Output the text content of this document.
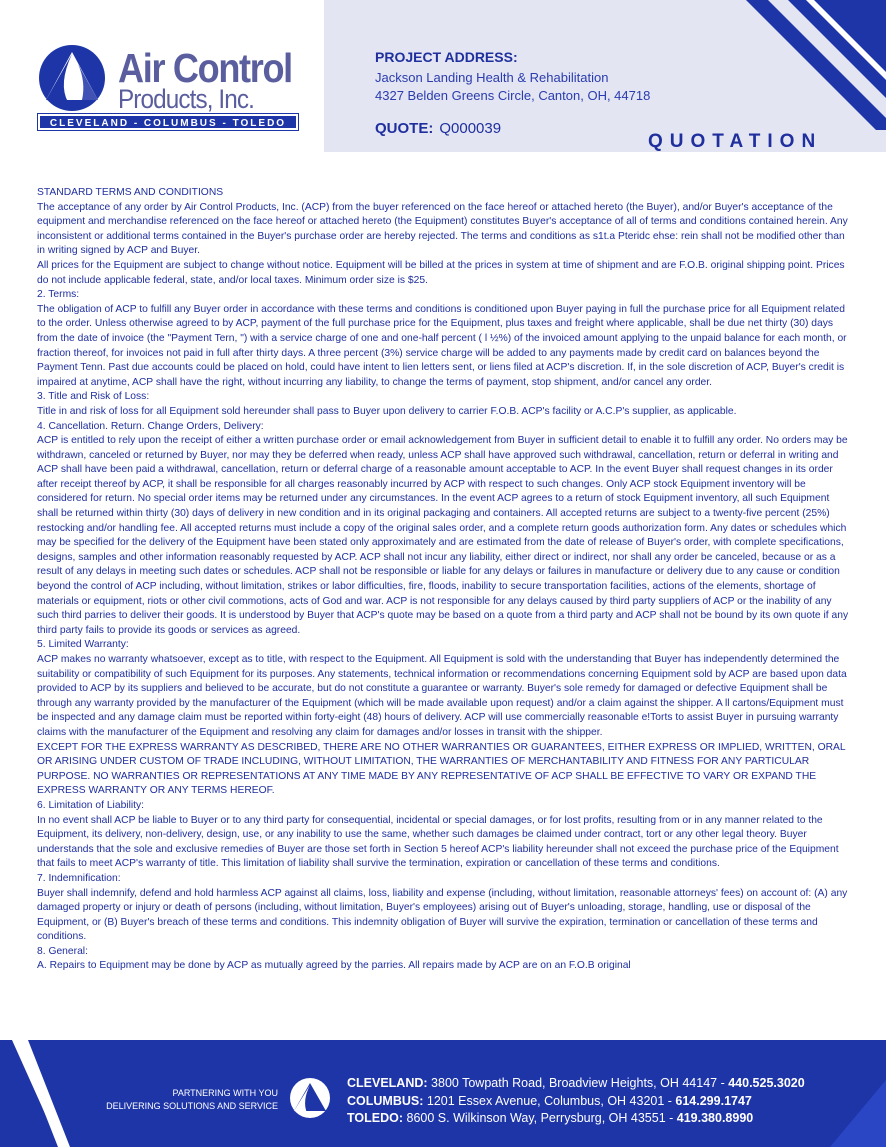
Air Control
Products, Inc.
CLEVELAND - COLUMBUS - TOLEDO
PROJECT ADDRESS:
Jackson Landing Health & Rehabilitation
4327 Belden Greens Circle, Canton, OH, 44718
QUOTE: Q000039
QUOTATION

STANDARD TERMS AND CONDITIONS

The acceptance of any order by Air Control Products, Inc. (ACP) from the buyer referenced on the face hereof or attached hereto (the Buyer), and/or Buyer's acceptance of the equipment and merchandise referenced on the face hereof or attached hereto (the Equipment) constitutes Buyer's acceptance of all of terms and conditions contained herein. Any inconsistent or additional terms contained in the Buyer's purchase order are hereby rejected. The terms and conditions as s1t.a Pteridc ehse: rein shall not be modified other than in writing signed by ACP and Buyer.

All prices for the Equipment are subject to change without notice. Equipment will be billed at the prices in system at time of shipment and are F.O.B. original shipping point. Prices do not include applicable federal, state, and/or local taxes. Minimum order size is $25.

2. Terms:

The obligation of ACP to fulfill any Buyer order in accordance with these terms and conditions is conditioned upon Buyer paying in full the purchase price for all Equipment related to the order. Unless otherwise agreed to by ACP, payment of the full purchase price for the Equipment, plus taxes and freight where applicable, shall be due net thirty (30) days from the date of invoice (the "Payment Tern, ") with a service charge of one and one-half percent ( l ½%) of the invoiced amount applying to the unpaid balance for each month, or fraction thereof, for invoices not paid in full after thirty days. A three percent (3%) service charge will be added to any payments made by credit card on balances beyond the Payment Tenn. Past due accounts could be placed on hold, could have intent to lien letters sent, or liens filed at ACP's discretion. If, in the sole discretion of ACP, Buyer's credit is impaired at anytime, ACP shall have the right, without incurring any liability, to change the terms of payment, stop shipment, and/or cancel any order.

3. Title and Risk of Loss:

Title in and risk of loss for all Equipment sold hereunder shall pass to Buyer upon delivery to carrier F.O.B. ACP's facility or A.C.P's supplier, as applicable.

4. Cancellation. Return. Change Orders, Delivery:

ACP is entitled to rely upon the receipt of either a written purchase order or email acknowledgement from Buyer in sufficient detail to enable it to fulfill any order. No orders may be withdrawn, canceled or returned by Buyer, nor may they be deferred when ready, unless ACP shall have approved such withdrawal, cancellation, return or deferral in writing and ACP shall have been paid a withdrawal, cancellation, return or deferral charge of a reasonable amount acceptable to ACP. In the event Buyer shall request changes in its order after receipt thereof by ACP, it shall be responsible for all charges reasonably incurred by ACP with respect to such changes. Only ACP stock Equipment inventory will be considered for return. No special order items may be returned under any circumstances. In the event ACP agrees to a return of stock Equipment inventory, all such Equipment shall be returned within thirty (30) days of delivery in new condition and in its original packaging and containers. All accepted returns are subject to a twenty-five percent (25%) restocking and/or handling fee. All accepted returns must include a copy of the original sales order, and a complete return goods authorization form. Any dates or schedules which may be specified for the delivery of the Equipment have been stated only approximately and are estimated from the date of release of Buyer's order, with complete specifications, designs, samples and other information reasonably requested by ACP. ACP shall not incur any liability, either direct or indirect, nor shall any order be canceled, because or as a result of any delays in meeting such dates or schedules. ACP shall not be responsible or liable for any delays or failures in manufacture or delivery due to any cause or condition beyond the control of ACP including, without limitation, strikes or labor difficulties, fire, floods, inability to secure transportation facilities, actions of the elements, shortage of materials or equipment, riots or other civil commotions, acts of God and war. ACP is not responsible for any delays caused by third party suppliers of ACP or the inability of any such third parries to deliver their goods. It is understood by Buyer that ACP's quote may be based on a quote from a third party and ACP shall not be bound by its own quote if any third party fails to provide its goods or services as agreed.

5. Limited Warranty:

ACP makes no warranty whatsoever, except as to title, with respect to the Equipment. All Equipment is sold with the understanding that Buyer has independently determined the suitability or compatibility of such Equipment for its purposes. Any statements, technical information or recommendations concerning Equipment sold by ACP are based upon data provided to ACP by its suppliers and believed to be accurate, but do not constitute a guarantee or warranty. Buyer's sole remedy for damaged or defective Equipment shall be through any warranty provided by the manufacturer of the Equipment (which will be made available upon request) and/or a claim against the shipper. A ll cartons/Equipment must be inspected and any damage claim must be reported within forty-eight (48) hours of delivery. ACP will use commercially reasonable e!Torts to assist Buyer in pursuing warranty claims with the manufacturer of the Equipment and resolving any claim for damages and/or losses in transit with the shipper.

EXCEPT FOR THE EXPRESS WARRANTY AS DESCRIBED, THERE ARE NO OTHER WARRANTIES OR GUARANTEES, EITHER EXPRESS OR IMPLIED, WRITTEN, ORAL OR ARISING UNDER CUSTOM OF TRADE INCLUDING, WITHOUT LIMITATION, THE WARRANTIES OF MERCHANTABILITY AND FITNESS FOR ANY PARTICULAR PURPOSE. NO WARRANTIES OR REPRESENTATIONS AT ANY TIME MADE BY ANY REPRESENTATIVE OF ACP SHALL BE EFFECTIVE TO VARY OR EXPAND THE EXPRESS WARRANTY OR ANY TERMS HEREOF.

6. Limitation of Liability:

In no event shall ACP be liable to Buyer or to any third party for consequential, incidental or special damages, or for lost profits, resulting from or in any manner related to the Equipment, its delivery, non-delivery, design, use, or any inability to use the same, whether such damages be claimed under contract, tort or any other legal theory. Buyer understands that the sole and exclusive remedies of Buyer are those set forth in Section 5 hereof ACP's liability hereunder shall not exceed the purchase price of the Equipment that fails to meet ACP's warranty of title. This limitation of liability shall survive the termination, expiration or cancellation of these terms and conditions.

7. Indemnification:

Buyer shall indemnify, defend and hold harmless ACP against all claims, loss, liability and expense (including, without limitation, reasonable attorneys' fees) on account of: (A) any damaged property or injury or death of persons (including, without limitation, Buyer's employees) arising out of Buyer's unloading, storage, handling, use or disposal of the Equipment, or (B) Buyer's breach of these terms and conditions. This indemnity obligation of Buyer will survive the expiration, termination or cancellation of these terms and conditions.

8. General:

A. Repairs to Equipment may be done by ACP as mutually agreed by the parries. All repairs made by ACP are on an F.O.B original

PARTNERING WITH YOU
DELIVERING SOLUTIONS AND SERVICE
CLEVELAND: 3800 Towpath Road, Broadview Heights, OH 44147 - 440.525.3020
COLUMBUS: 1201 Essex Avenue, Columbus, OH 43201 - 614.299.1747
TOLEDO: 8600 S. Wilkinson Way, Perrysburg, OH 43551 - 419.380.8990
